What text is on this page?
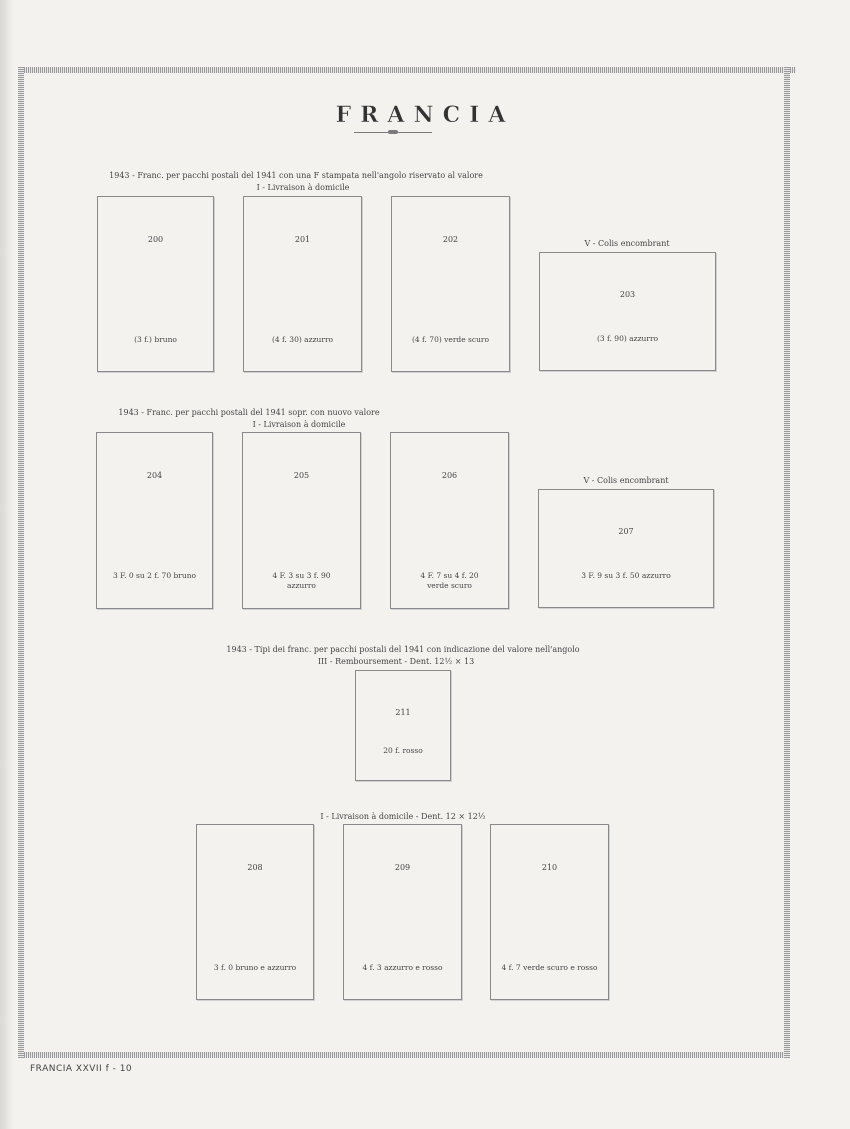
FRANCIA
1943 - Franc. per pacchi postali del 1941 con una F stampata nell'angolo riservato al valore
I - Livraison à domicile
V - Colis encombrant
200
(3 f.) bruno
201
(4 f. 30) azzurro
202
(4 f. 70) verde scuro
203
(3 f. 90) azzurro
1943 - Franc. per pacchi postali del 1941 sopr. con nuovo valore
I - Livraison à domicile
V - Colis encombrant
204
3 F. 0 su 2 f. 70 bruno
205
4 F. 3 su 3 f. 90
azzurro
206
4 F. 7 su 4 f. 20
verde scuro
207
3 F. 9 su 3 f. 50 azzurro
1943 - Tipi dei franc. per pacchi postali del 1941 con indicazione del valore nell'angolo
III - Remboursement - Dent. 12½ × 13
211
20 f. rosso
I - Livraison à domicile - Dent. 12 × 12½
208
3 f. 0 bruno e azzurro
209
4 f. 3 azzurro e rosso
210
4 f. 7 verde scuro e rosso
FRANCIA XXVII f - 10
